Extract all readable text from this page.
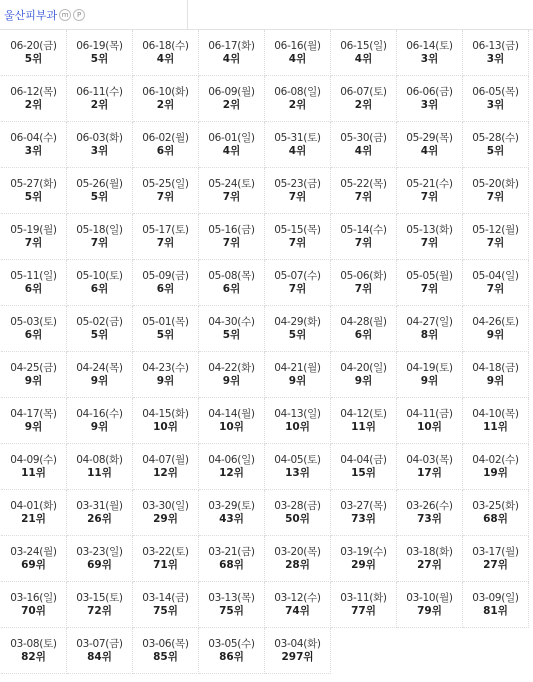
울산피부과 m	P
06-20(금)
5위
06-19(목)
5위
06-18(수)
4위
06-17(화)
4위
06-16(월)
4위
06-15(일)
4위
06-14(토)
3위
06-13(금)
3위
06-12(목)
2위
06-11(수)
2위
06-10(화)
2위
06-09(월)
2위
06-08(일)
2위
06-07(토)
2위
06-06(금)
3위
06-05(목)
3위
06-04(수)
3위
06-03(화)
3위
06-02(월)
6위
06-01(일)
4위
05-31(토)
4위
05-30(금)
4위
05-29(목)
4위
05-28(수)
5위
05-27(화)
5위
05-26(월)
5위
05-25(일)
7위
05-24(토)
7위
05-23(금)
7위
05-22(목)
7위
05-21(수)
7위
05-20(화)
7위
05-19(월)
7위
05-18(일)
7위
05-17(토)
7위
05-16(금)
7위
05-15(목)
7위
05-14(수)
7위
05-13(화)
7위
05-12(월)
7위
05-11(일)
6위
05-10(토)
6위
05-09(금)
6위
05-08(목)
6위
05-07(수)
7위
05-06(화)
7위
05-05(월)
7위
05-04(일)
7위
05-03(토)
6위
05-02(금)
5위
05-01(목)
5위
04-30(수)
5위
04-29(화)
5위
04-28(월)
6위
04-27(일)
8위
04-26(토)
9위
04-25(금)
9위
04-24(목)
9위
04-23(수)
9위
04-22(화)
9위
04-21(월)
9위
04-20(일)
9위
04-19(토)
9위
04-18(금)
9위
04-17(목)
9위
04-16(수)
9위
04-15(화)
10위
04-14(월)
10위
04-13(일)
10위
04-12(토)
11위
04-11(금)
10위
04-10(목)
11위
04-09(수)
11위
04-08(화)
11위
04-07(월)
12위
04-06(일)
12위
04-05(토)
13위
04-04(금)
15위
04-03(목)
17위
04-02(수)
19위
04-01(화)
21위
03-31(월)
26위
03-30(일)
29위
03-29(토)
43위
03-28(금)
50위
03-27(목)
73위
03-26(수)
73위
03-25(화)
68위
03-24(월)
69위
03-23(일)
69위
03-22(토)
71위
03-21(금)
68위
03-20(목)
28위
03-19(수)
29위
03-18(화)
27위
03-17(월)
27위
03-16(일)
70위
03-15(토)
72위
03-14(금)
75위
03-13(목)
75위
03-12(수)
74위
03-11(화)
77위
03-10(월)
79위
03-09(일)
81위
03-08(토)
82위
03-07(금)
84위
03-06(목)
85위
03-05(수)
86위
03-04(화)
297위
